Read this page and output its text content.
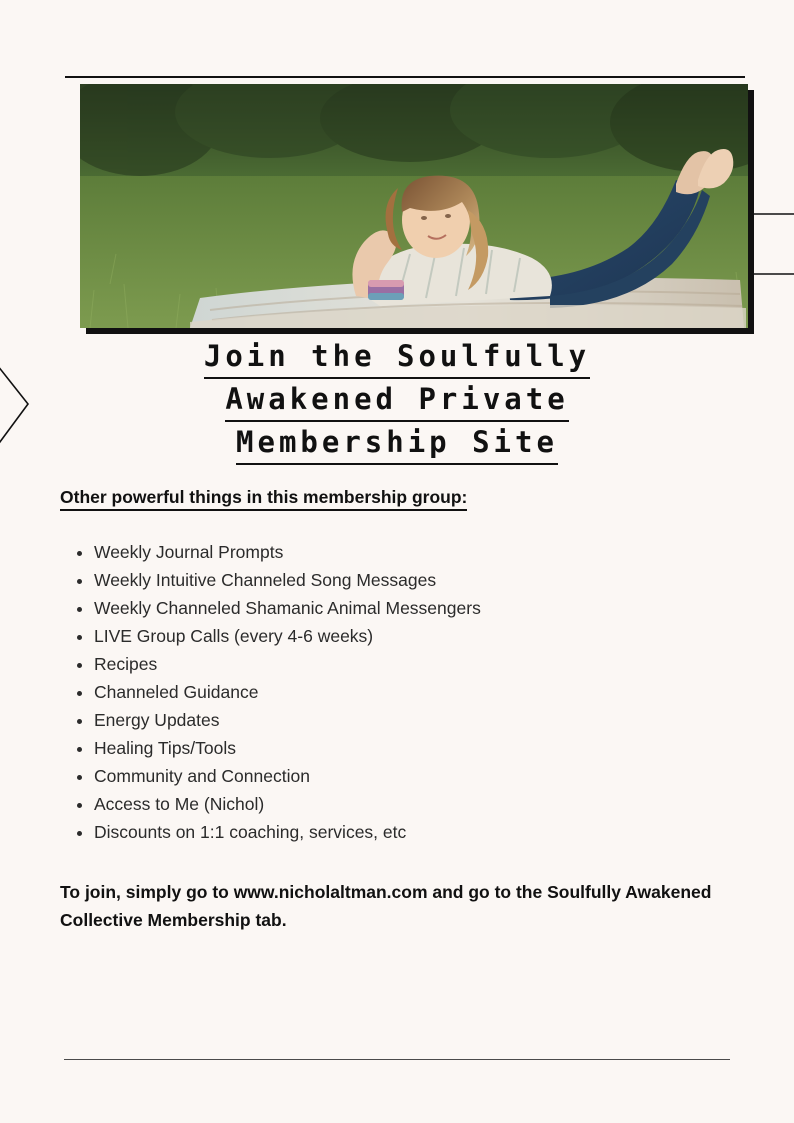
Join the Soulfully
Awakened Private
Membership Site
Other powerful things in this membership group:
• Weekly Journal Prompts
• Weekly Intuitive Channeled Song Messages
• Weekly Channeled Shamanic Animal Messengers
• LIVE Group Calls (every 4-6 weeks)
• Recipes
• Channeled Guidance
• Energy Updates
• Healing Tips/Tools
• Community and Connection
• Access to Me (Nichol)
• Discounts on 1:1 coaching, services, etc
To join, simply go to www.nicholaltman.com and go to the Soulfully Awakened Collective Membership tab.
